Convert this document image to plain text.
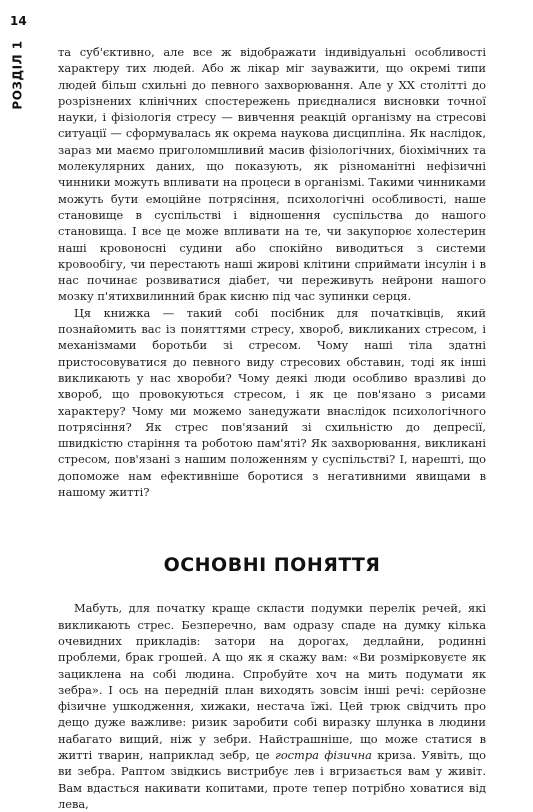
14
РОЗДІЛ 1	та суб'єктивно, але все ж відображати індивідуальні особливості характеру тих людей. Або ж лікар міг зауважити, що окремі типи людей більш схильні до певного захворювання. Але у XX столітті до розрізнених клінічних спостережень приєдналися висновки точної науки, і фізіологія стресу — вивчення реакцій організму на стресові ситуації — сформувалась як окрема наукова дисципліна. Як наслідок, зараз ми маємо приголомшливий масив фізіологічних, біохімічних та молекулярних даних, що показують, як різноманітні нефізичні чинники можуть впливати на процеси в організмі. Такими чинниками можуть бути емоційне потрясіння, психологічні особливості, наше становище в суспільстві і відношення суспільства до нашого становища. І все це може впливати на те, чи закупорює холестерин наші кровоносні судини або спокійно виводиться з системи кровообігу, чи перестають наші жирові клітини сприймати інсулін і в нас починає розвиватися діабет, чи переживуть нейрони нашого мозку п'ятихвилинний брак кисню під час зупинки серця.

Ця книжка — такий собі посібник для початківців, який познайомить вас із поняттями стресу, хвороб, викликаних стресом, і механізмами боротьби зі стресом. Чому наші тіла здатні пристосовуватися до певного виду стресових обставин, тоді як інші викликають у нас хвороби? Чому деякі люди особливо вразливі до хвороб, що провокуються стресом, і як це пов'язано з рисами характеру? Чому ми можемо занедужати внаслідок психологічного потрясіння? Як стрес пов'язаний зі схильністю до депресії, швидкістю старіння та роботою пам'яті? Як захворювання, викликані стресом, пов'язані з нашим положенням у суспільстві? І, нарешті, що допоможе нам ефективніше боротися з негативними явищами в нашому житті?

ОСНОВНІ ПОНЯТТЯ

Мабуть, для початку краще скласти подумки перелік речей, які викликають стрес. Безперечно, вам одразу спаде на думку кілька очевидних прикладів: затори на дорогах, дедлайни, родинні проблеми, брак грошей. А що як я скажу вам: «Ви розмірковуєте як зациклена на собі людина. Спробуйте хоч на мить подумати як зебра». І ось на передній план виходять зовсім інші речі: серйозне фізичне ушкодження, хижаки, нестача їжі. Цей трюк свідчить про дещо дуже важливе: ризик заробити собі виразку шлунка в людини набагато вищий, ніж у зебри. Найстрашніше, що може статися в житті тварин, наприклад зебр, це гостра фізична криза. Уявіть, що ви зебра. Раптом звідкись вистрибує лев і вгризається вам у живіт. Вам вдасться накивати копитами, проте тепер потрібно ховатися від лева,
